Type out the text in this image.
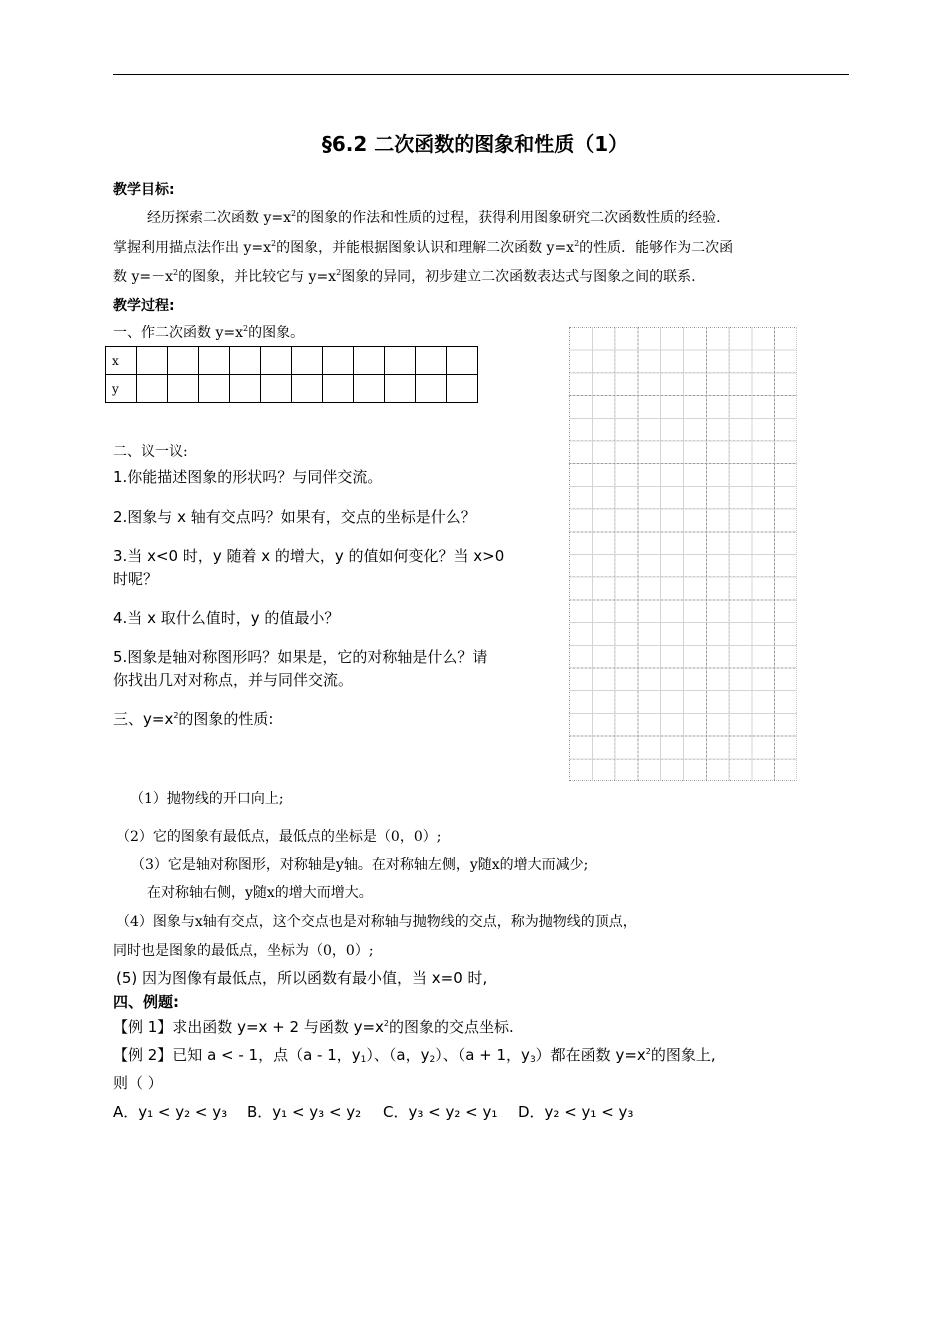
§6.2 二次函数的图象和性质（1）
教学目标:
经历探索二次函数 $y=x^2$的图象的作法和性质的过程，获得利用图象研究二次函数性质的经验.
掌握利用描点法作出 $y=x^2$的图象，并能根据图象认识和理解二次函数 $y=x^2$的性质．能够作为二次函
数 $y=-x^2$的图象，并比较它与 $y=x^2$图象的异同，初步建立二次函数表达式与图象之间的联系.
教学过程:
一、作二次函数 $y=x^2$的图象。
x											
y											
二、议一议:
1.你能描述图象的形状吗？与同伴交流。
2.图象与 x 轴有交点吗？如果有，交点的坐标是什么？
3.当 x<0 时，y 随着 x 的增大，y 的值如何变化？当 x>0
时呢？
4.当 x 取什么值时，y 的值最小？
5.图象是轴对称图形吗？如果是，它的对称轴是什么？请
你找出几对对称点，并与同伴交流。
三、$y=x^2$的图象的性质:
（1）抛物线的开口向上;
（2）它的图象有最低点，最低点的坐标是（0，0）;
（3）它是轴对称图形，对称轴是y轴。在对称轴左侧，y随x的增大而减少;
在对称轴右侧，y随x的增大而增大。
（4）图象与x轴有交点，这个交点也是对称轴与抛物线的交点，称为抛物线的顶点，
同时也是图象的最低点，坐标为（0，0）;
(5) 因为图像有最低点，所以函数有最小值，当 x=0 时,
四、例题:
【例 1】求出函数 y=x + 2 与函数 $y=x^2$的图象的交点坐标.
【例 2】已知 a < - 1，点（a - 1，$y_1$）、（a，$y_2$）、（a + 1，$y_3$）都在函数 $y=x^2$的图象上,
则（ ）
A．y₁ < y₂ < y₃ B．y₁ < y₃ < y₂ C．y₃ < y₂ < y₁ D．y₂ < y₁ < y₃
